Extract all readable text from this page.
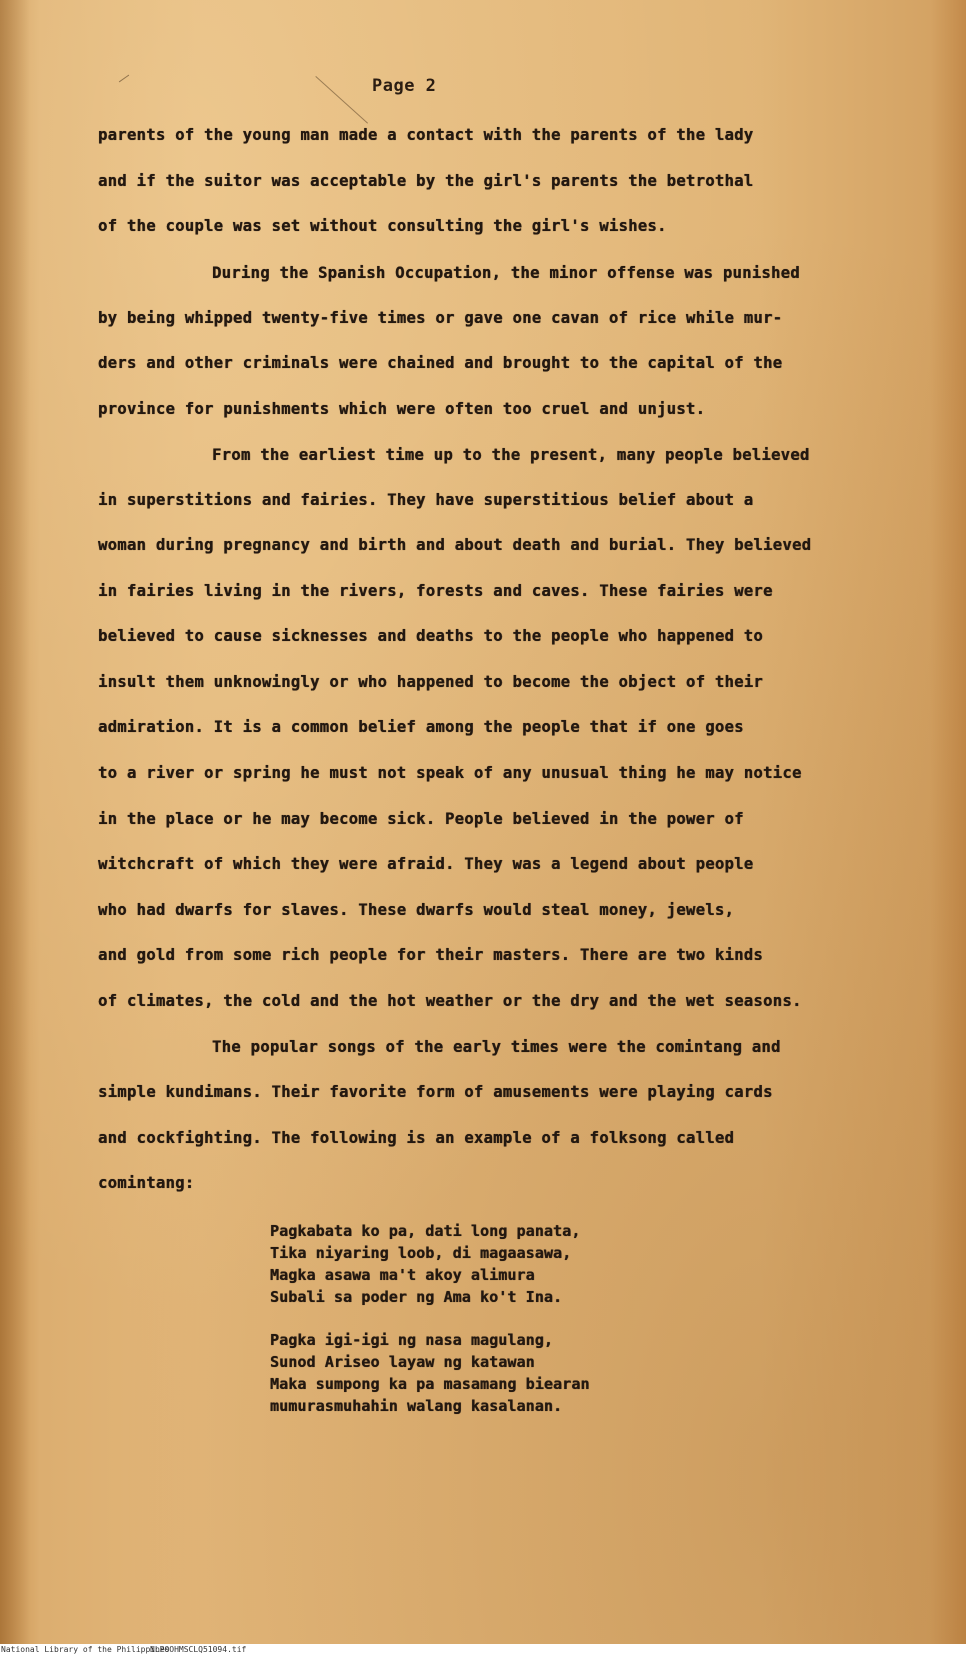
Page 2
parents of the young man made a contact with the parents of the lady
and if the suitor was acceptable by the girl's parents the betrothal
of the couple was set without consulting the girl's wishes.
During the Spanish Occupation, the minor offense was punished
by being whipped twenty-five times or gave one cavan of rice while mur-
ders and other criminals were chained and brought to the capital of the
province for punishments which were often too cruel and unjust.
From the earliest time up to the present, many people believed
in superstitions and fairies. They have superstitious belief about a
woman during pregnancy and birth and about death and burial. They believed
in fairies living in the rivers, forests and caves. These fairies were
believed to cause sicknesses and deaths to the people who happened to
insult them unknowingly or who happened to become the object of their
admiration. It is a common belief among the people that if one goes
to a river or spring he must not speak of any unusual thing he may notice
in the place or he may become sick. People believed in the power of
witchcraft of which they were afraid. They was a legend about people
who had dwarfs for slaves. These dwarfs would steal money, jewels,
and gold from some rich people for their masters. There are two kinds
of climates, the cold and the hot weather or the dry and the wet seasons.
The popular songs of the early times were the comintang and
simple kundimans. Their favorite form of amusements were playing cards
and cockfighting. The following is an example of a folksong called
comintang:
Pagkabata ko pa, dati long panata,
Tika niyaring loob, di magaasawa,
Magka asawa ma't akoy alimura
Subali sa poder ng Ama ko't Ina.
Pagka igi-igi ng nasa magulang,
Sunod Ariseo layaw ng katawan
Maka sumpong ka pa masamang biearan
mumurasmuhahin walang kasalanan.
National Library of the Philippines
NLPOOHMSCLQ51094.tif
